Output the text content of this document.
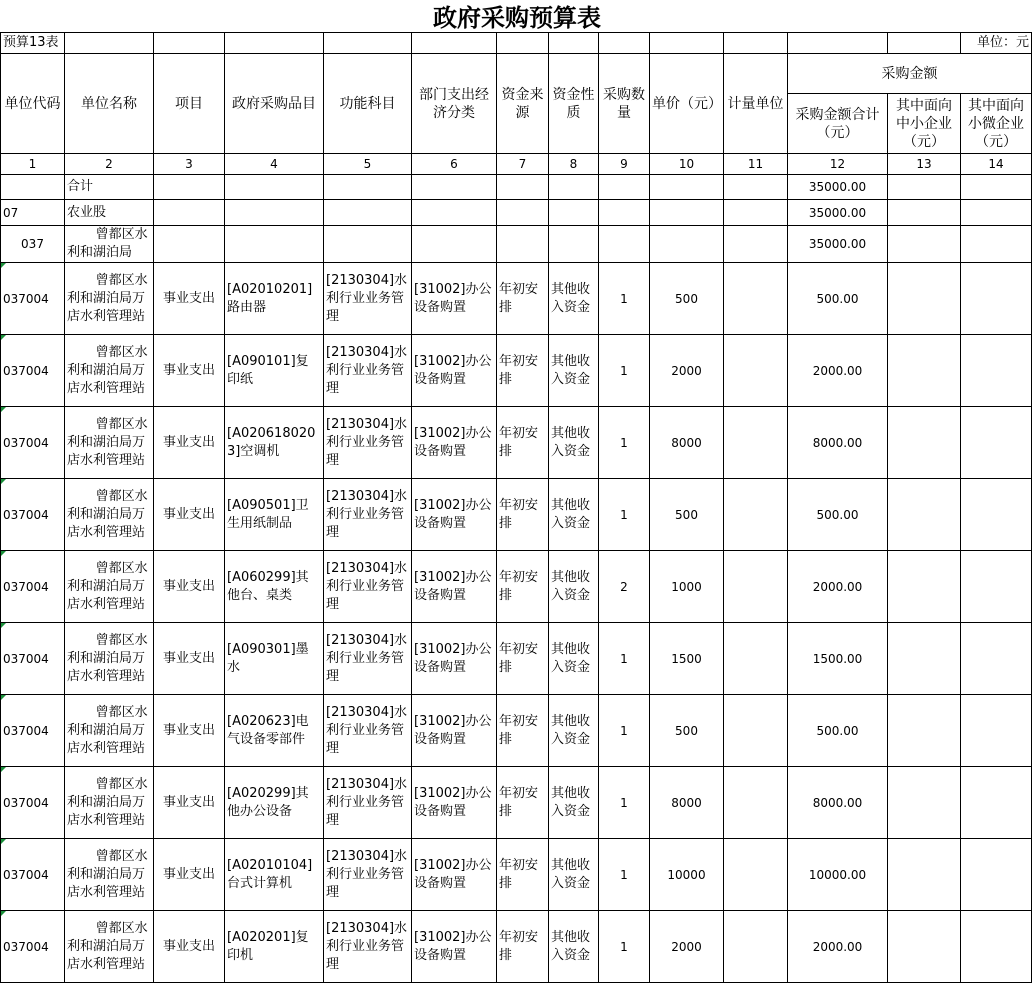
政府采购预算表
预算13表													单位：元
单位代码	单位名称	项目	政府采购品目	功能科目	部门支出经济分类	资金来源	资金性质	采购数量	单价（元）	计量单位	采购金额		
											采购金额合计（元）	其中面向中小企业（元）	其中面向小微企业（元）
1	2	3	4	5	6	7	8	9	10	11	12	13	14
	合计										35000.00		
07	农业股										35000.00		
037	曾都区水利和湖泊局										35000.00		
037004	曾都区水利和湖泊局万店水利管理站	事业支出	[A02010201]路由器	[2130304]水利行业业务管理	[31002]办公设备购置	年初安排	其他收入资金	1	500		500.00		
037004	曾都区水利和湖泊局万店水利管理站	事业支出	[A090101]复印纸	[2130304]水利行业业务管理	[31002]办公设备购置	年初安排	其他收入资金	1	2000		2000.00		
037004	曾都区水利和湖泊局万店水利管理站	事业支出	[A0206180203]空调机	[2130304]水利行业业务管理	[31002]办公设备购置	年初安排	其他收入资金	1	8000		8000.00		
037004	曾都区水利和湖泊局万店水利管理站	事业支出	[A090501]卫生用纸制品	[2130304]水利行业业务管理	[31002]办公设备购置	年初安排	其他收入资金	1	500		500.00		
037004	曾都区水利和湖泊局万店水利管理站	事业支出	[A060299]其他台、桌类	[2130304]水利行业业务管理	[31002]办公设备购置	年初安排	其他收入资金	2	1000		2000.00		
037004	曾都区水利和湖泊局万店水利管理站	事业支出	[A090301]墨水	[2130304]水利行业业务管理	[31002]办公设备购置	年初安排	其他收入资金	1	1500		1500.00		
037004	曾都区水利和湖泊局万店水利管理站	事业支出	[A020623]电气设备零部件	[2130304]水利行业业务管理	[31002]办公设备购置	年初安排	其他收入资金	1	500		500.00		
037004	曾都区水利和湖泊局万店水利管理站	事业支出	[A020299]其他办公设备	[2130304]水利行业业务管理	[31002]办公设备购置	年初安排	其他收入资金	1	8000		8000.00		
037004	曾都区水利和湖泊局万店水利管理站	事业支出	[A02010104]台式计算机	[2130304]水利行业业务管理	[31002]办公设备购置	年初安排	其他收入资金	1	10000		10000.00		
037004	曾都区水利和湖泊局万店水利管理站	事业支出	[A020201]复印机	[2130304]水利行业业务管理	[31002]办公设备购置	年初安排	其他收入资金	1	2000		2000.00		
